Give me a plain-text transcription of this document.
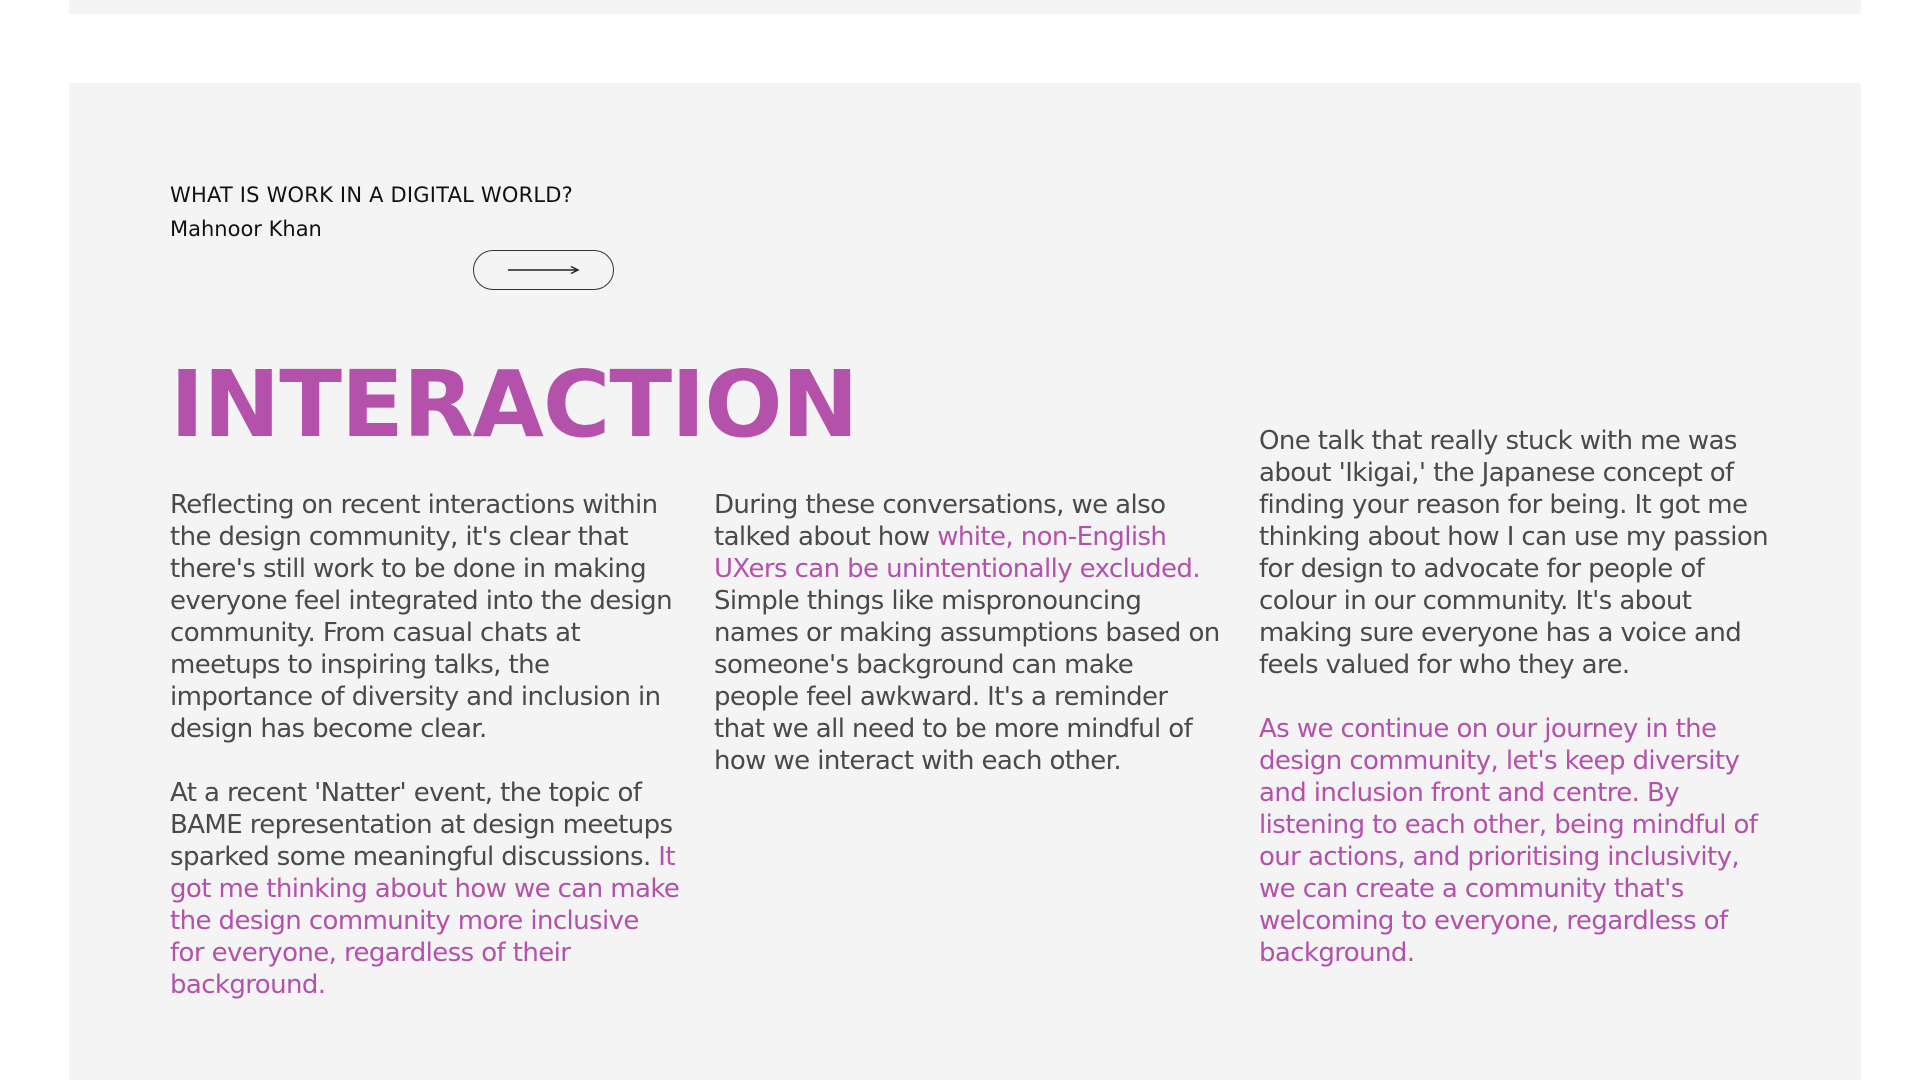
WHAT IS WORK IN A DIGITAL WORLD?
Mahnoor Khan
INTERACTION

Reflecting on recent interactions within the design community, it's clear that there's still work to be done in making everyone feel integrated into the design community. From casual chats at meetups to inspiring talks, the importance of diversity and inclusion in design has become clear.

At a recent 'Natter' event, the topic of BAME representation at design meetups sparked some meaningful discussions. It got me thinking about how we can make the design community more inclusive for everyone, regardless of their background.

During these conversations, we also talked about how white, non-English UXers can be unintentionally excluded. Simple things like mispronouncing names or making assumptions based on someone's background can make people feel awkward. It's a reminder that we all need to be more mindful of how we interact with each other.

One talk that really stuck with me was about 'Ikigai,' the Japanese concept of finding your reason for being. It got me thinking about how I can use my passion for design to advocate for people of colour in our community. It's about making sure everyone has a voice and feels valued for who they are.

As we continue on our journey in the design community, let's keep diversity and inclusion front and centre. By listening to each other, being mindful of our actions, and prioritising inclusivity, we can create a community that's welcoming to everyone, regardless of background.
